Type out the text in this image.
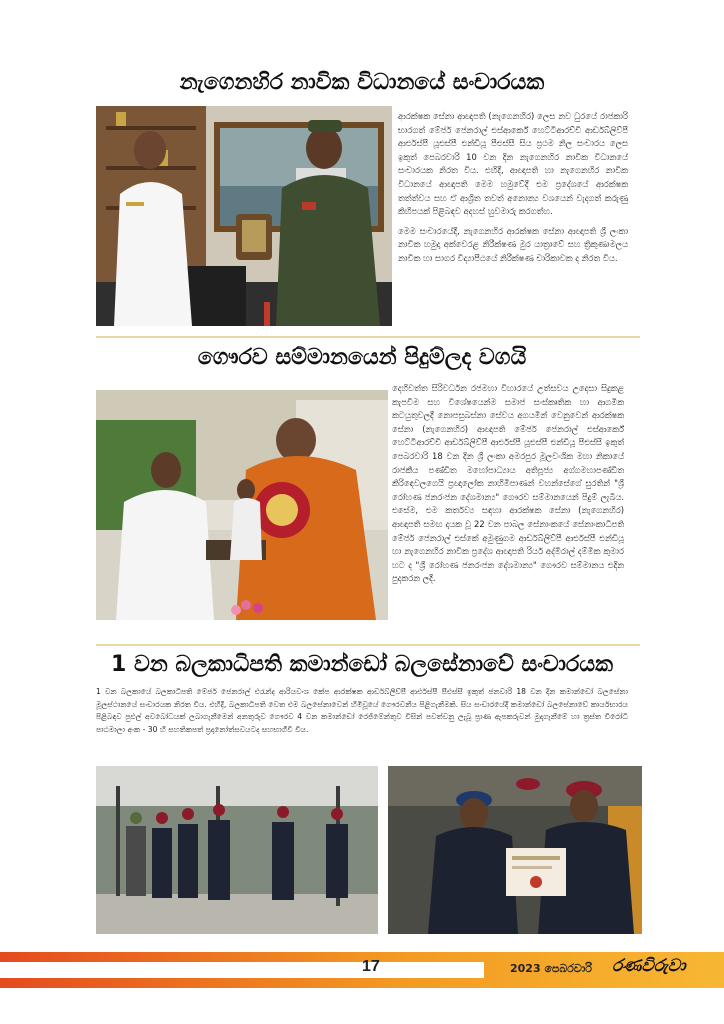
නැගෙනහිර නාවික විධානයේ සංචාරයක

ආරක්ෂක සේනා ආඥාපති (නැගෙනහිර) ලෙස නව ධුරයේ රාජකාරි භාරගත් මේජර් ජෙනරාල් එස්ආර්කේ හෙට්ටිආරච්චි ආර්ඩබ්ලිව්පී ආර්එස්පී යූඑස්පී එන්ඩියූ පීඑස්සී සිය ප්‍රථම නිල සංචාරය ලෙස ඉකුත් පෙබරවාරි 10 වන දින නැගෙනහිර නාවික විධානයේ සංචාරයක නිරත විය. එහිදී, ආඥාපති හා නැගෙනහිර නාවික විධානයේ ආඥාපති මෙම හමුවේදී එම ප්‍රදේශයේ ආරක්ෂක තත්ත්වය සහ ඒ ආශ්‍රිත තවත් අනොන්‍ය වශයෙන් වැදගත් කරුණු කිහිපයක් පිළිබඳව අදහස් හුවමාරු කරගත්හ.

මෙම සංචාරයේදී, නැගෙනහිර ආරක්ෂක සේනා ආඥාපති ශ්‍රී ලංකා නාවික හමුදා අක්වෙරළ නිරීක්ෂණ මුර යාත්‍රාවේ සහ ත්‍රිකුණාමලය නාවික හා සාගර විද්‍යාපීඨයේ නිරීක්ෂණ චාරිකාවක ද නිරත විය.

ගෞරව සම්මානයෙන් පිදුම්ලද වගයි

දෙහිවත්ත සිරිවර්ධන රජමහා විහාරයේ උත්සවය උදෙසා සිදුකළ කැපවීම සහ විශේෂයෙන්ම සමාජ සංස්කෘතික හා ආගමික කටයුතුවලදී නොපසුබස්නා සේවය අගයමින් වෙනුවෙන් ආරක්ෂක සේනා (නැගෙනහිර) ආඥාපති මේජර් ජෙනරාල් එස්ආර්කේ හෙට්ටිආරච්චි ආර්ඩබ්ලිව්පී ආර්එස්පී යූඑස්පී එන්ඩියූ පීඑස්සී ඉකුත් පෙබරවාරි 18 වන දින ශ්‍රී ලංකා අමරපුර මූලවංශික මහා නිකායේ රාජකීය පණ්ඩිත මහෝපාධ්‍යාය අතිපූජ්‍ය අග්ගමහාපණ්ඩිත කිරිඳෙවලගෙයි ප්‍රඥාලෝක නාහිමිපාණන් වහන්සේගේ සුරතින් "ශ්‍රී රෝහණ ජනරංජන දේශමාන්‍ය" ගෞරව සම්මානයෙන් පිදුම් ලැබීය. එසේම, එම කර්තව්‍ය සඳහා ආරක්ෂක සේනා (නැගෙනහිර) ආඥාපති සමඟ දායක වූ 22 වන පාබල සේනාංකයේ සේනාංකාධිපති මේජර් ජෙනරාල් එස්කේ අමුණුගම ආර්ඩබ්ලිව්පී ආර්එස්පී එන්ඩියූ හා නැගෙනහිර නාවික ප්‍රදේශ ආඥාපති රියර් අද්මිරාල් දම්මික කුමාර හට ද "ශ්‍රී රෝහණ ජනරංජන දේශමාන්‍ය" ගෞරව සම්මානය එදින පුදකරන ලදී.

1 වන බලකාධිපති කමාන්ඩෝ බලසේනාවේ සංචාරයක

1 වන බලකායේ බලකාධිපති මේජර් ජෙනරාල් එරැන්ද ආරියවංශ කේප ආරක්ෂක ආර්ඩබ්ලිව්පී ආර්එස්පී පීඑස්සී ඉකුත් ජනවාරි 18 වන දින කමාන්ඩෝ බලසේනා මූලස්ථානයේ සංචාරයක නිරත විය. එහිදී, බලකාධිපති වෙත එම බලසේනාවෙන් හිමිවූයේ ගෞරවනීය පිළිගැනීමකි. සිය සංචාරයේදී කමාන්ඩෝ බලසේනාවේ කාර්යභාරය පිළිබඳව පුළුල් අවබෝධයක් ලබාගැනීමෙන් අනතුරුව ගෞරව 4 වන කමාන්ඩෝ රෙජිමේන්තුව විසින් පවත්වනු ලැබූ ප්‍රාණ ඇපකරුවන් මුදාගැනීමේ හා ත්‍රස්ත විරෝධී පාඨමාලා අංක - 30 හි සහතිකපත් ප්‍රදානෝත්සවයටද සහභාගීවී විය.

17	2023 පෙබරවාරි රණවිරුවා
